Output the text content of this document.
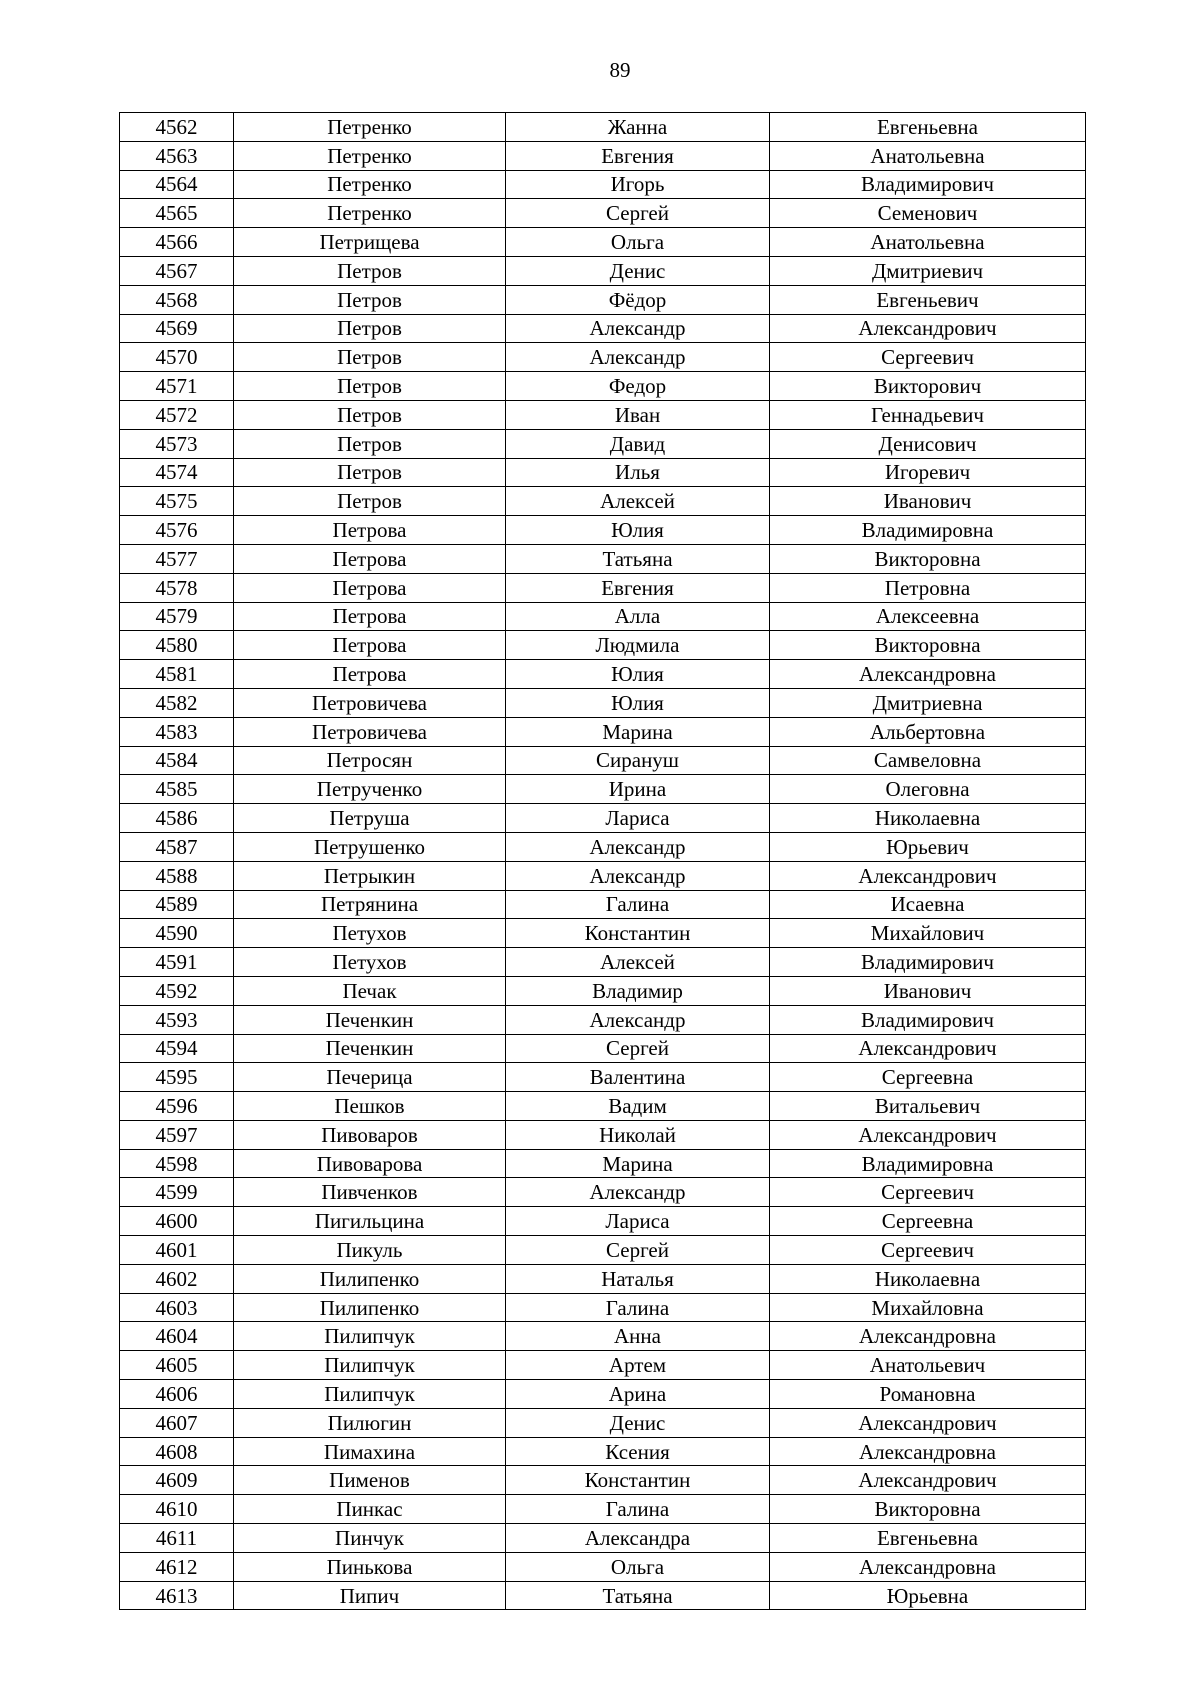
89
4562	Петренко	Жанна	Евгеньевна
4563	Петренко	Евгения	Анатольевна
4564	Петренко	Игорь	Владимирович
4565	Петренко	Сергей	Семенович
4566	Петрищева	Ольга	Анатольевна
4567	Петров	Денис	Дмитриевич
4568	Петров	Фёдор	Евгеньевич
4569	Петров	Александр	Александрович
4570	Петров	Александр	Сергеевич
4571	Петров	Федор	Викторович
4572	Петров	Иван	Геннадьевич
4573	Петров	Давид	Денисович
4574	Петров	Илья	Игоревич
4575	Петров	Алексей	Иванович
4576	Петрова	Юлия	Владимировна
4577	Петрова	Татьяна	Викторовна
4578	Петрова	Евгения	Петровна
4579	Петрова	Алла	Алексеевна
4580	Петрова	Людмила	Викторовна
4581	Петрова	Юлия	Александровна
4582	Петровичева	Юлия	Дмитриевна
4583	Петровичева	Марина	Альбертовна
4584	Петросян	Сирануш	Самвеловна
4585	Петрученко	Ирина	Олеговна
4586	Петруша	Лариса	Николаевна
4587	Петрушенко	Александр	Юрьевич
4588	Петрыкин	Александр	Александрович
4589	Петрянина	Галина	Исаевна
4590	Петухов	Константин	Михайлович
4591	Петухов	Алексей	Владимирович
4592	Печак	Владимир	Иванович
4593	Печенкин	Александр	Владимирович
4594	Печенкин	Сергей	Александрович
4595	Печерица	Валентина	Сергеевна
4596	Пешков	Вадим	Витальевич
4597	Пивоваров	Николай	Александрович
4598	Пивоварова	Марина	Владимировна
4599	Пивченков	Александр	Сергеевич
4600	Пигильцина	Лариса	Сергеевна
4601	Пикуль	Сергей	Сергеевич
4602	Пилипенко	Наталья	Николаевна
4603	Пилипенко	Галина	Михайловна
4604	Пилипчук	Анна	Александровна
4605	Пилипчук	Артем	Анатольевич
4606	Пилипчук	Арина	Романовна
4607	Пилюгин	Денис	Александрович
4608	Пимахина	Ксения	Александровна
4609	Пименов	Константин	Александрович
4610	Пинкас	Галина	Викторовна
4611	Пинчук	Александра	Евгеньевна
4612	Пинькова	Ольга	Александровна
4613	Пипич	Татьяна	Юрьевна
